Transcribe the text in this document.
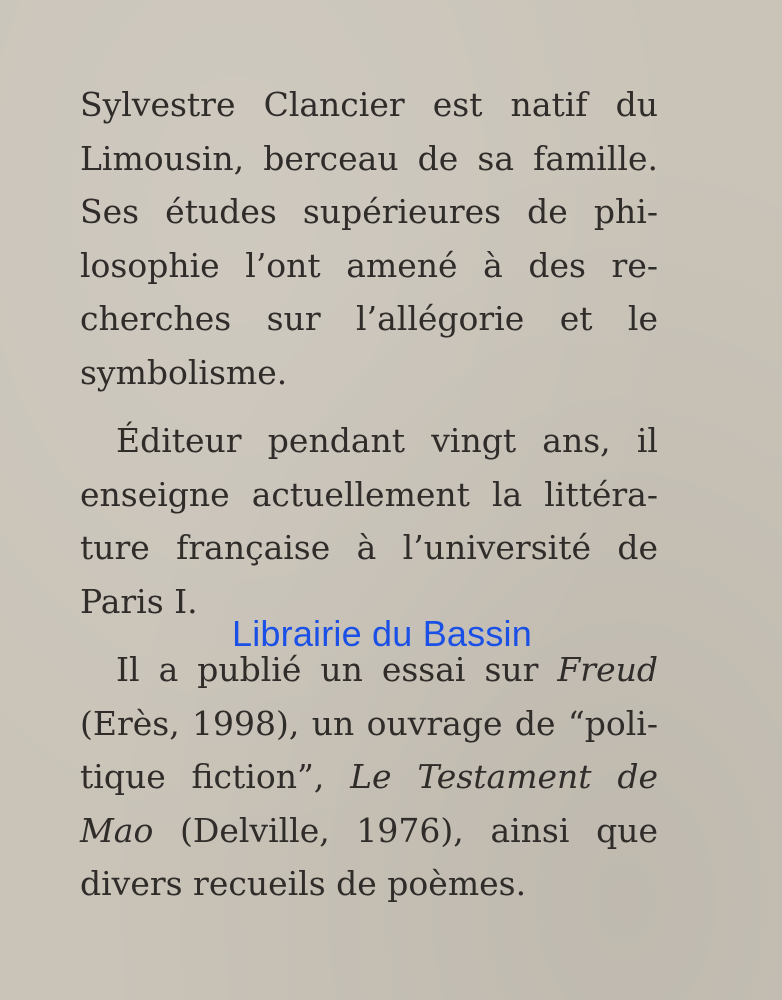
Sylvestre Clancier est natif du
Limousin, berceau de sa famille.
Ses études supérieures de phi-
losophie l’ont amené à des re-
cherches sur l’allégorie et le
symbolisme.

Éditeur pendant vingt ans, il
enseigne actuellement la littéra-
ture française à l’université de
Paris I.

Il a publié un essai sur Freud
(Erès, 1998), un ouvrage de “poli-
tique fiction”, Le Testament de
Mao (Delville, 1976), ainsi que
divers recueils de poèmes.

Librairie du Bassin
